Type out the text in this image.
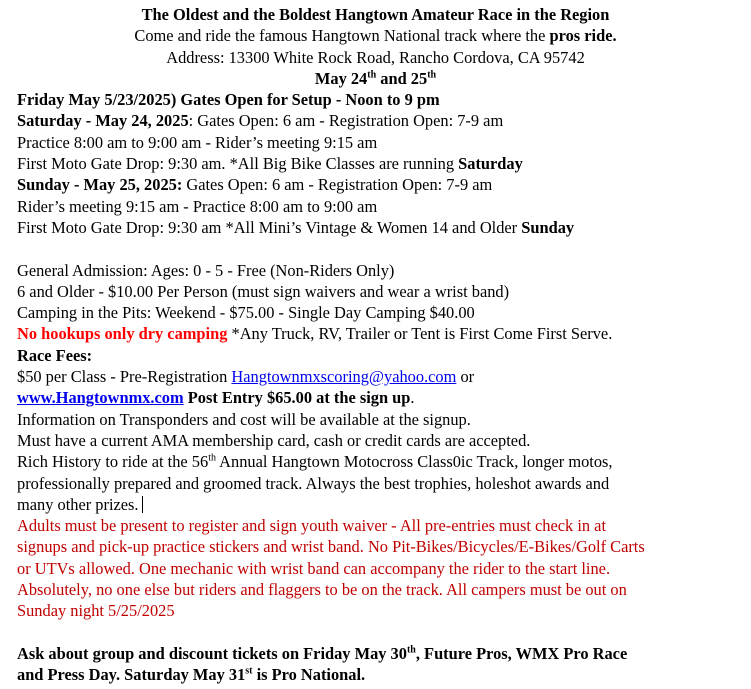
The Oldest and the Boldest Hangtown Amateur Race in the Region
Come and ride the famous Hangtown National track where the pros ride.
Address: 13300 White Rock Road, Rancho Cordova, CA 95742
May 24th and 25th
Friday May 5/23/2025) Gates Open for Setup - Noon to 9 pm
Saturday - May 24, 2025: Gates Open: 6 am - Registration Open: 7-9 am
Practice 8:00 am to 9:00 am - Rider’s meeting 9:15 am
First Moto Gate Drop: 9:30 am. *All Big Bike Classes are running Saturday
Sunday - May 25, 2025: Gates Open: 6 am - Registration Open: 7-9 am
Rider’s meeting 9:15 am - Practice 8:00 am to 9:00 am
First Moto Gate Drop: 9:30 am *All Mini’s Vintage & Women 14 and Older Sunday
General Admission: Ages: 0 - 5 - Free (Non-Riders Only)
6 and Older - $10.00 Per Person (must sign waivers and wear a wrist band)
Camping in the Pits: Weekend - $75.00 - Single Day Camping $40.00
No hookups only dry camping *Any Truck, RV, Trailer or Tent is First Come First Serve.
Race Fees:
$50 per Class - Pre-Registration Hangtownmxscoring@yahoo.com or
www.Hangtownmx.com Post Entry $65.00 at the sign up.
Information on Transponders and cost will be available at the signup.
Must have a current AMA membership card, cash or credit cards are accepted.
Rich History to ride at the 56th Annual Hangtown Motocross Class0ic Track, longer motos,
professionally prepared and groomed track. Always the best trophies, holeshot awards and
many other prizes.
Adults must be present to register and sign youth waiver - All pre-entries must check in at
signups and pick-up practice stickers and wrist band. No Pit-Bikes/Bicycles/E-Bikes/Golf Carts
or UTVs allowed. One mechanic with wrist band can accompany the rider to the start line.
Absolutely, no one else but riders and flaggers to be on the track. All campers must be out on
Sunday night 5/25/2025
Ask about group and discount tickets on Friday May 30th, Future Pros, WMX Pro Race
and Press Day. Saturday May 31st is Pro National.
